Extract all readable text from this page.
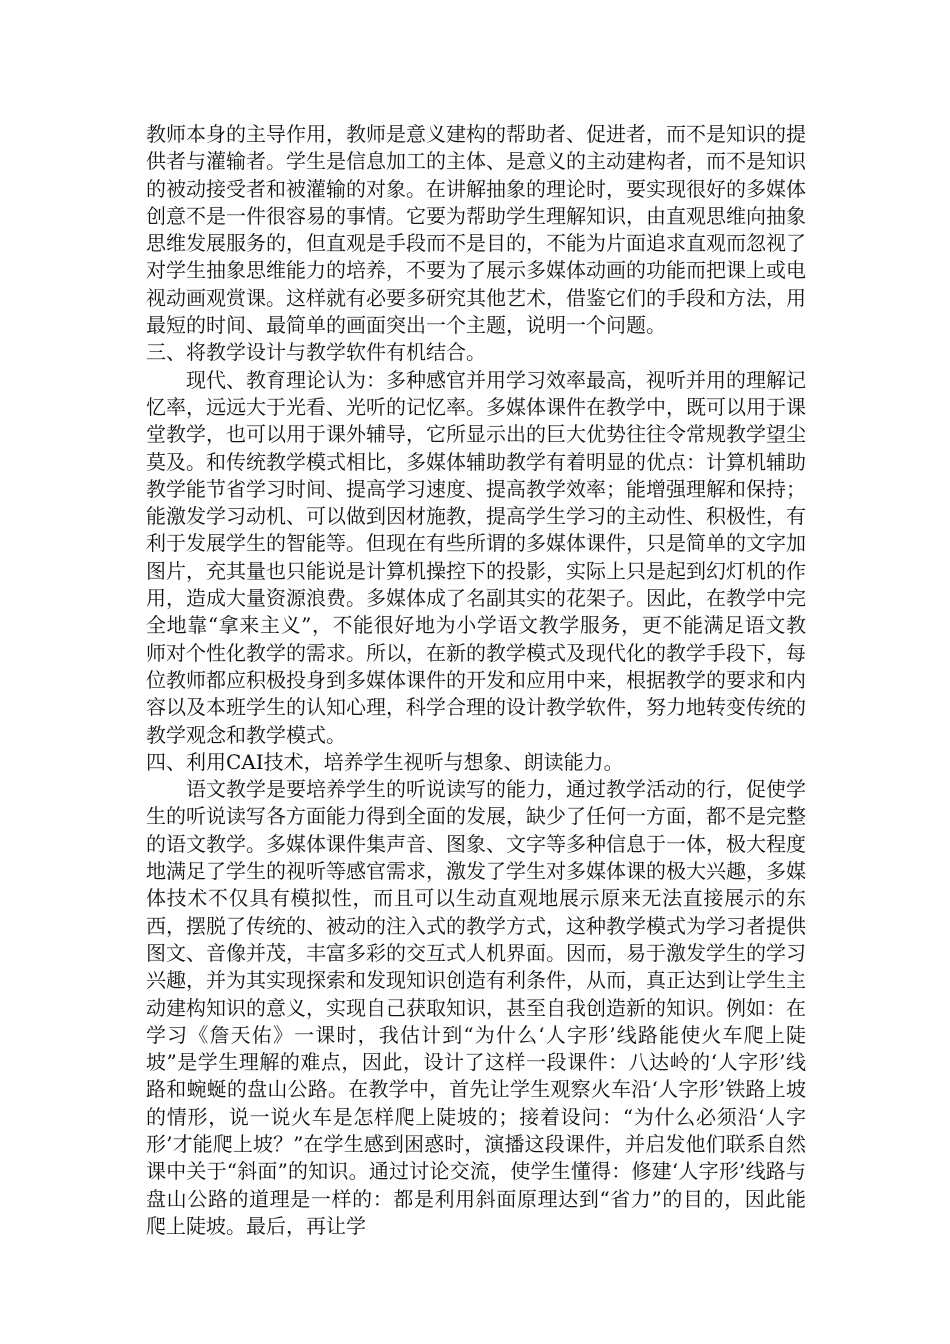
教师本身的主导作用，教师是意义建构的帮助者、促进者，而不是知识的提供者与灌输者。学生是信息加工的主体、是意义的主动建构者，而不是知识的被动接受者和被灌输的对象。在讲解抽象的理论时，要实现很好的多媒体创意不是一件很容易的事情。它要为帮助学生理解知识，由直观思维向抽象思维发展服务的，但直观是手段而不是目的，不能为片面追求直观而忽视了对学生抽象思维能力的培养，不要为了展示多媒体动画的功能而把课上或电视动画观赏课。这样就有必要多研究其他艺术，借鉴它们的手段和方法，用最短的时间、最简单的画面突出一个主题，说明一个问题。

三、将教学设计与教学软件有机结合。

现代、教育理论认为：多种感官并用学习效率最高，视听并用的理解记忆率，远远大于光看、光听的记忆率。多媒体课件在教学中，既可以用于课堂教学，也可以用于课外辅导，它所显示出的巨大优势往往令常规教学望尘莫及。和传统教学模式相比，多媒体辅助教学有着明显的优点：计算机辅助教学能节省学习时间、提高学习速度、提高教学效率；能增强理解和保持；能激发学习动机、可以做到因材施教，提高学生学习的主动性、积极性，有利于发展学生的智能等。但现在有些所谓的多媒体课件，只是简单的文字加图片，充其量也只能说是计算机操控下的投影，实际上只是起到幻灯机的作用，造成大量资源浪费。多媒体成了名副其实的花架子。因此，在教学中完全地靠“拿来主义”，不能很好地为小学语文教学服务，更不能满足语文教师对个性化教学的需求。所以，在新的教学模式及现代化的教学手段下，每位教师都应积极投身到多媒体课件的开发和应用中来，根据教学的要求和内容以及本班学生的认知心理，科学合理的设计教学软件，努力地转变传统的教学观念和教学模式。

四、利用CAI技术，培养学生视听与想象、朗读能力。

语文教学是要培养学生的听说读写的能力，通过教学活动的行，促使学生的听说读写各方面能力得到全面的发展，缺少了任何一方面，都不是完整的语文教学。多媒体课件集声音、图象、文字等多种信息于一体，极大程度地满足了学生的视听等感官需求，激发了学生对多媒体课的极大兴趣，多媒体技术不仅具有模拟性，而且可以生动直观地展示原来无法直接展示的东西，摆脱了传统的、被动的注入式的教学方式，这种教学模式为学习者提供图文、音像并茂，丰富多彩的交互式人机界面。因而，易于激发学生的学习兴趣，并为其实现探索和发现知识创造有利条件，从而，真正达到让学生主动建构知识的意义，实现自己获取知识，甚至自我创造新的知识。例如：在学习《詹天佑》一课时，我估计到“为什么‘人字形’线路能使火车爬上陡坡”是学生理解的难点，因此，设计了这样一段课件：八达岭的‘人字形’线路和蜿蜒的盘山公路。在教学中，首先让学生观察火车沿‘人字形’铁路上坡的情形，说一说火车是怎样爬上陡坡的；接着设问：“为什么必须沿‘人字形’才能爬上坡？”在学生感到困惑时，演播这段课件，并启发他们联系自然课中关于“斜面”的知识。通过讨论交流，使学生懂得：修建‘人字形’线路与盘山公路的道理是一样的：都是利用斜面原理达到“省力”的目的，因此能爬上陡坡。最后，再让学
